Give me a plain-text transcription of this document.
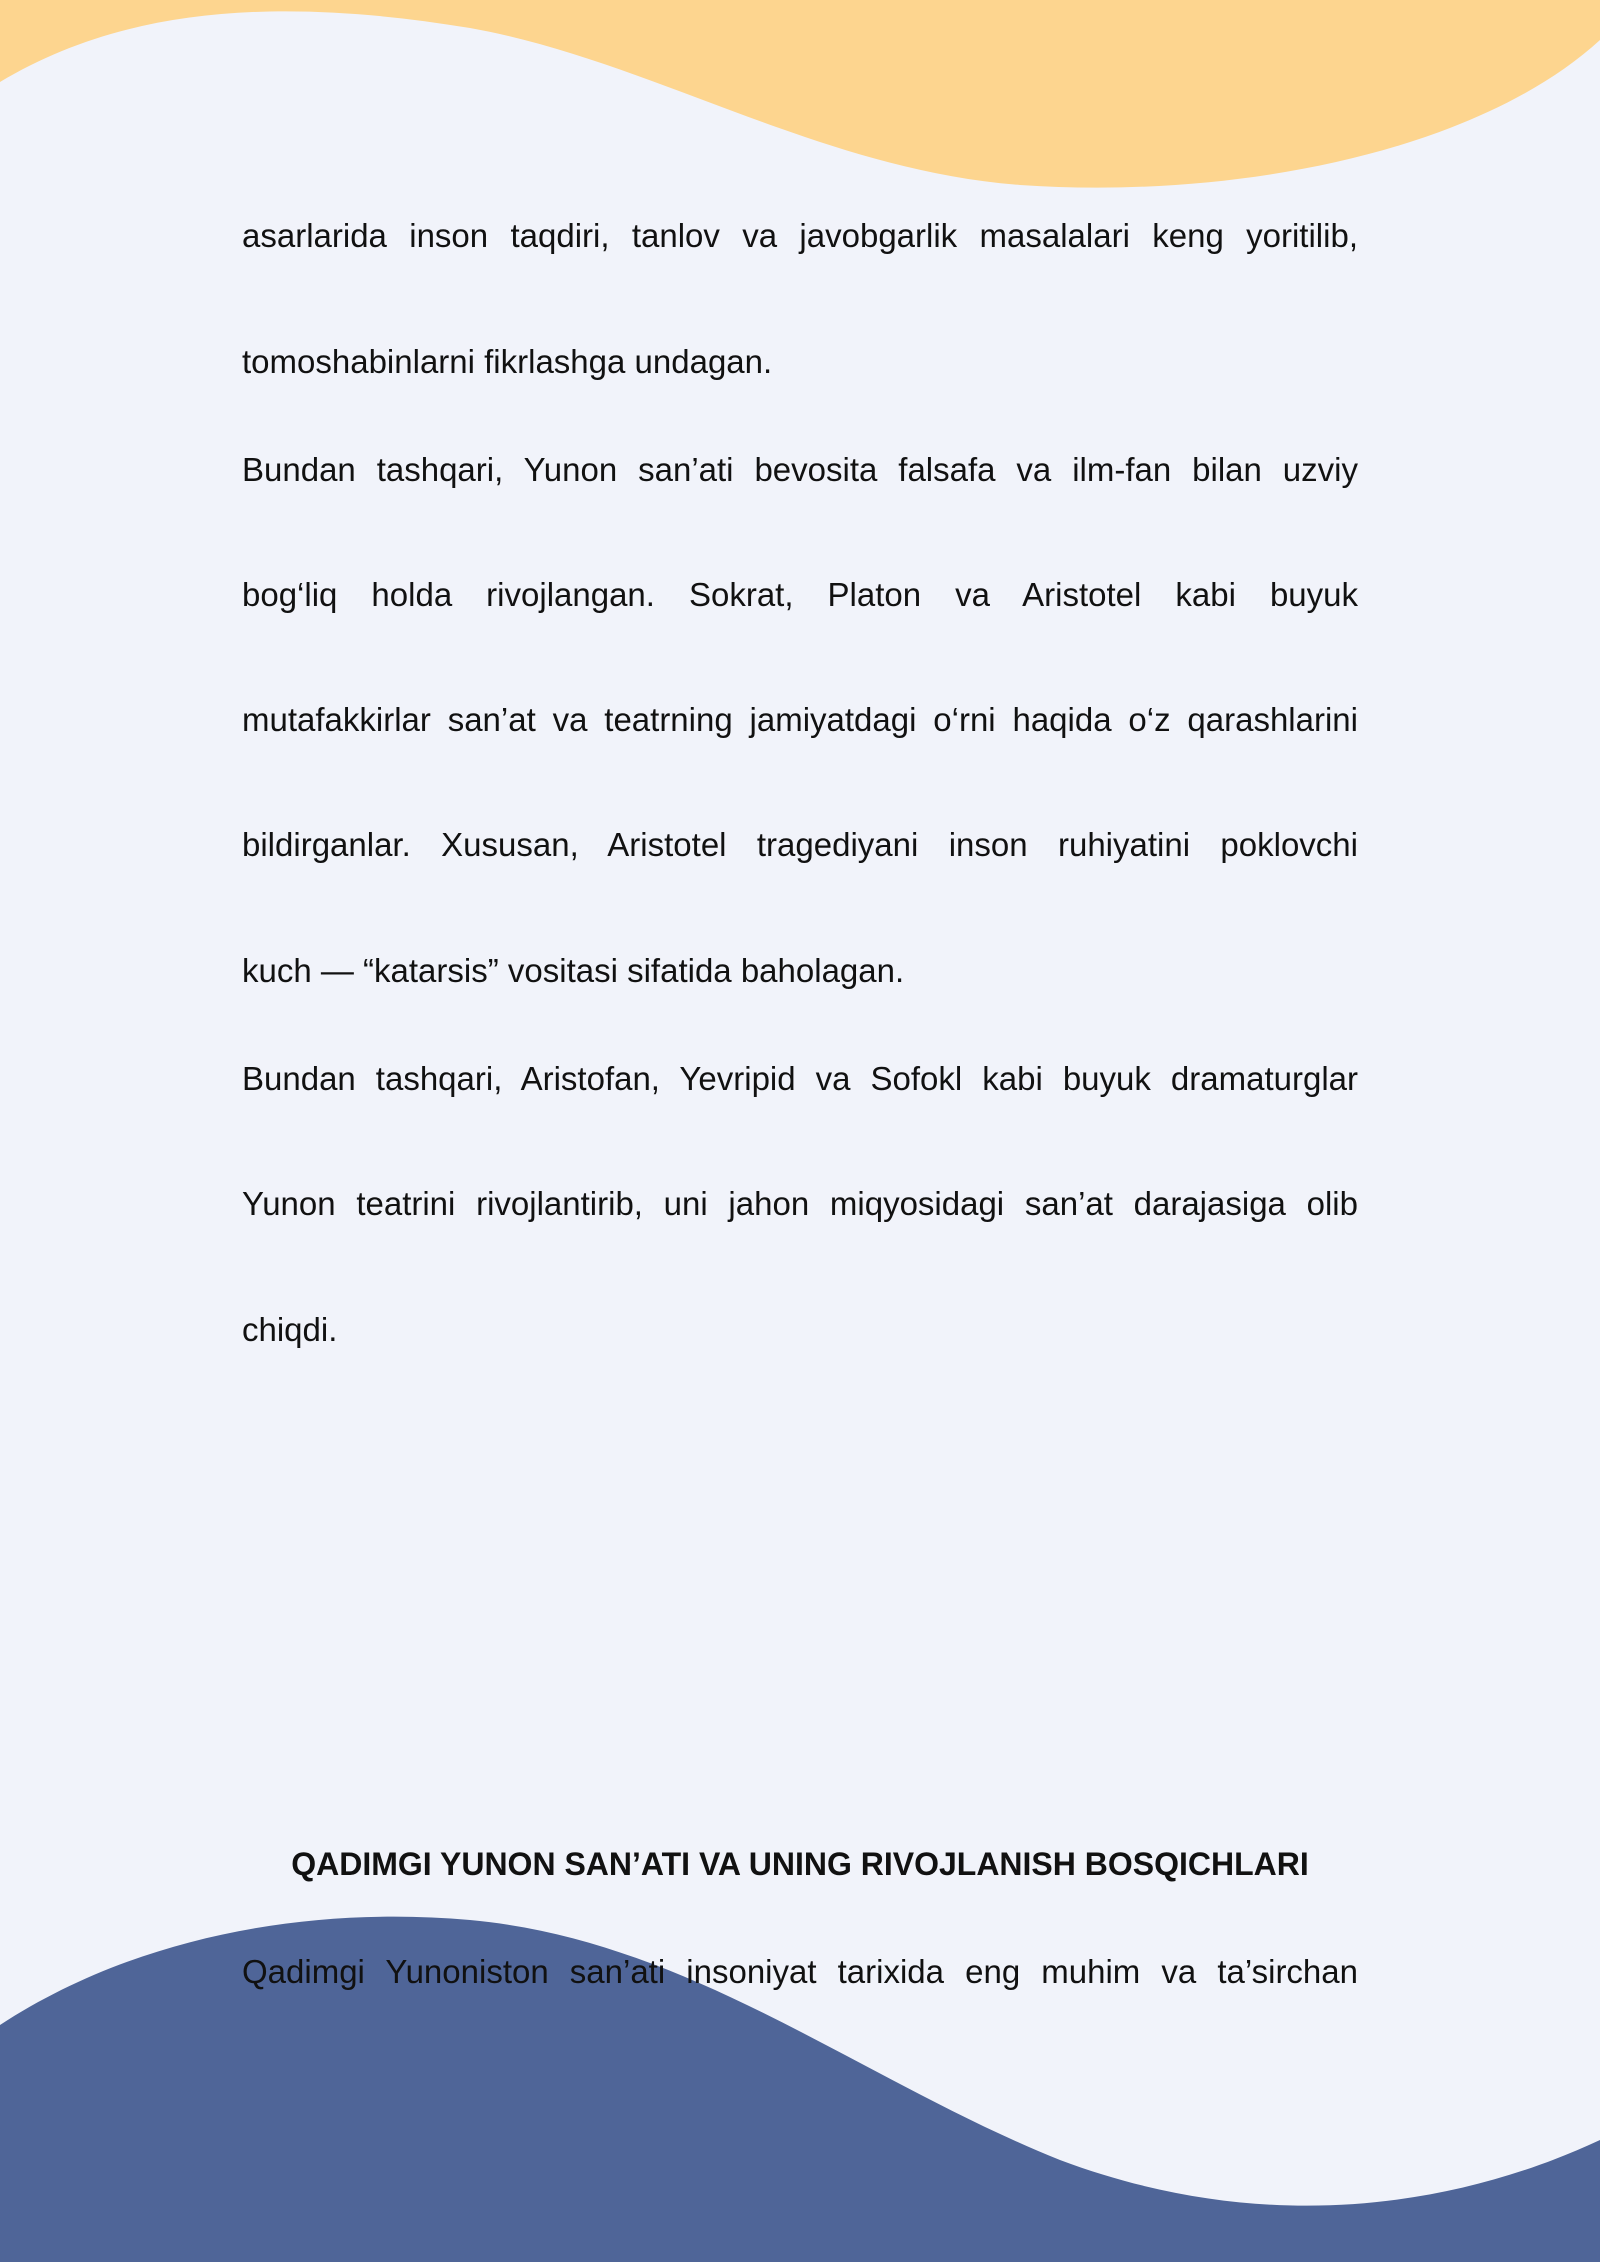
asarlarida inson taqdiri, tanlov va javobgarlik masalalari keng yoritilib,
tomoshabinlarni fikrlashga undagan.
Bundan tashqari, Yunon san’ati bevosita falsafa va ilm-fan bilan uzviy
bog‘liq holda rivojlangan. Sokrat, Platon va Aristotel kabi buyuk
mutafakkirlar san’at va teatrning jamiyatdagi o‘rni haqida o‘z qarashlarini
bildirganlar. Xususan, Aristotel tragediyani inson ruhiyatini poklovchi
kuch — “katarsis” vositasi sifatida baholagan.
Bundan tashqari, Aristofan, Yevripid va Sofokl kabi buyuk dramaturglar
Yunon teatrini rivojlantirib, uni jahon miqyosidagi san’at darajasiga olib
chiqdi.
QADIMGI YUNON SAN’ATI VA UNING RIVOJLANISH BOSQICHLARI
Qadimgi Yunoniston san’ati insoniyat tarixida eng muhim va ta’sirchan
